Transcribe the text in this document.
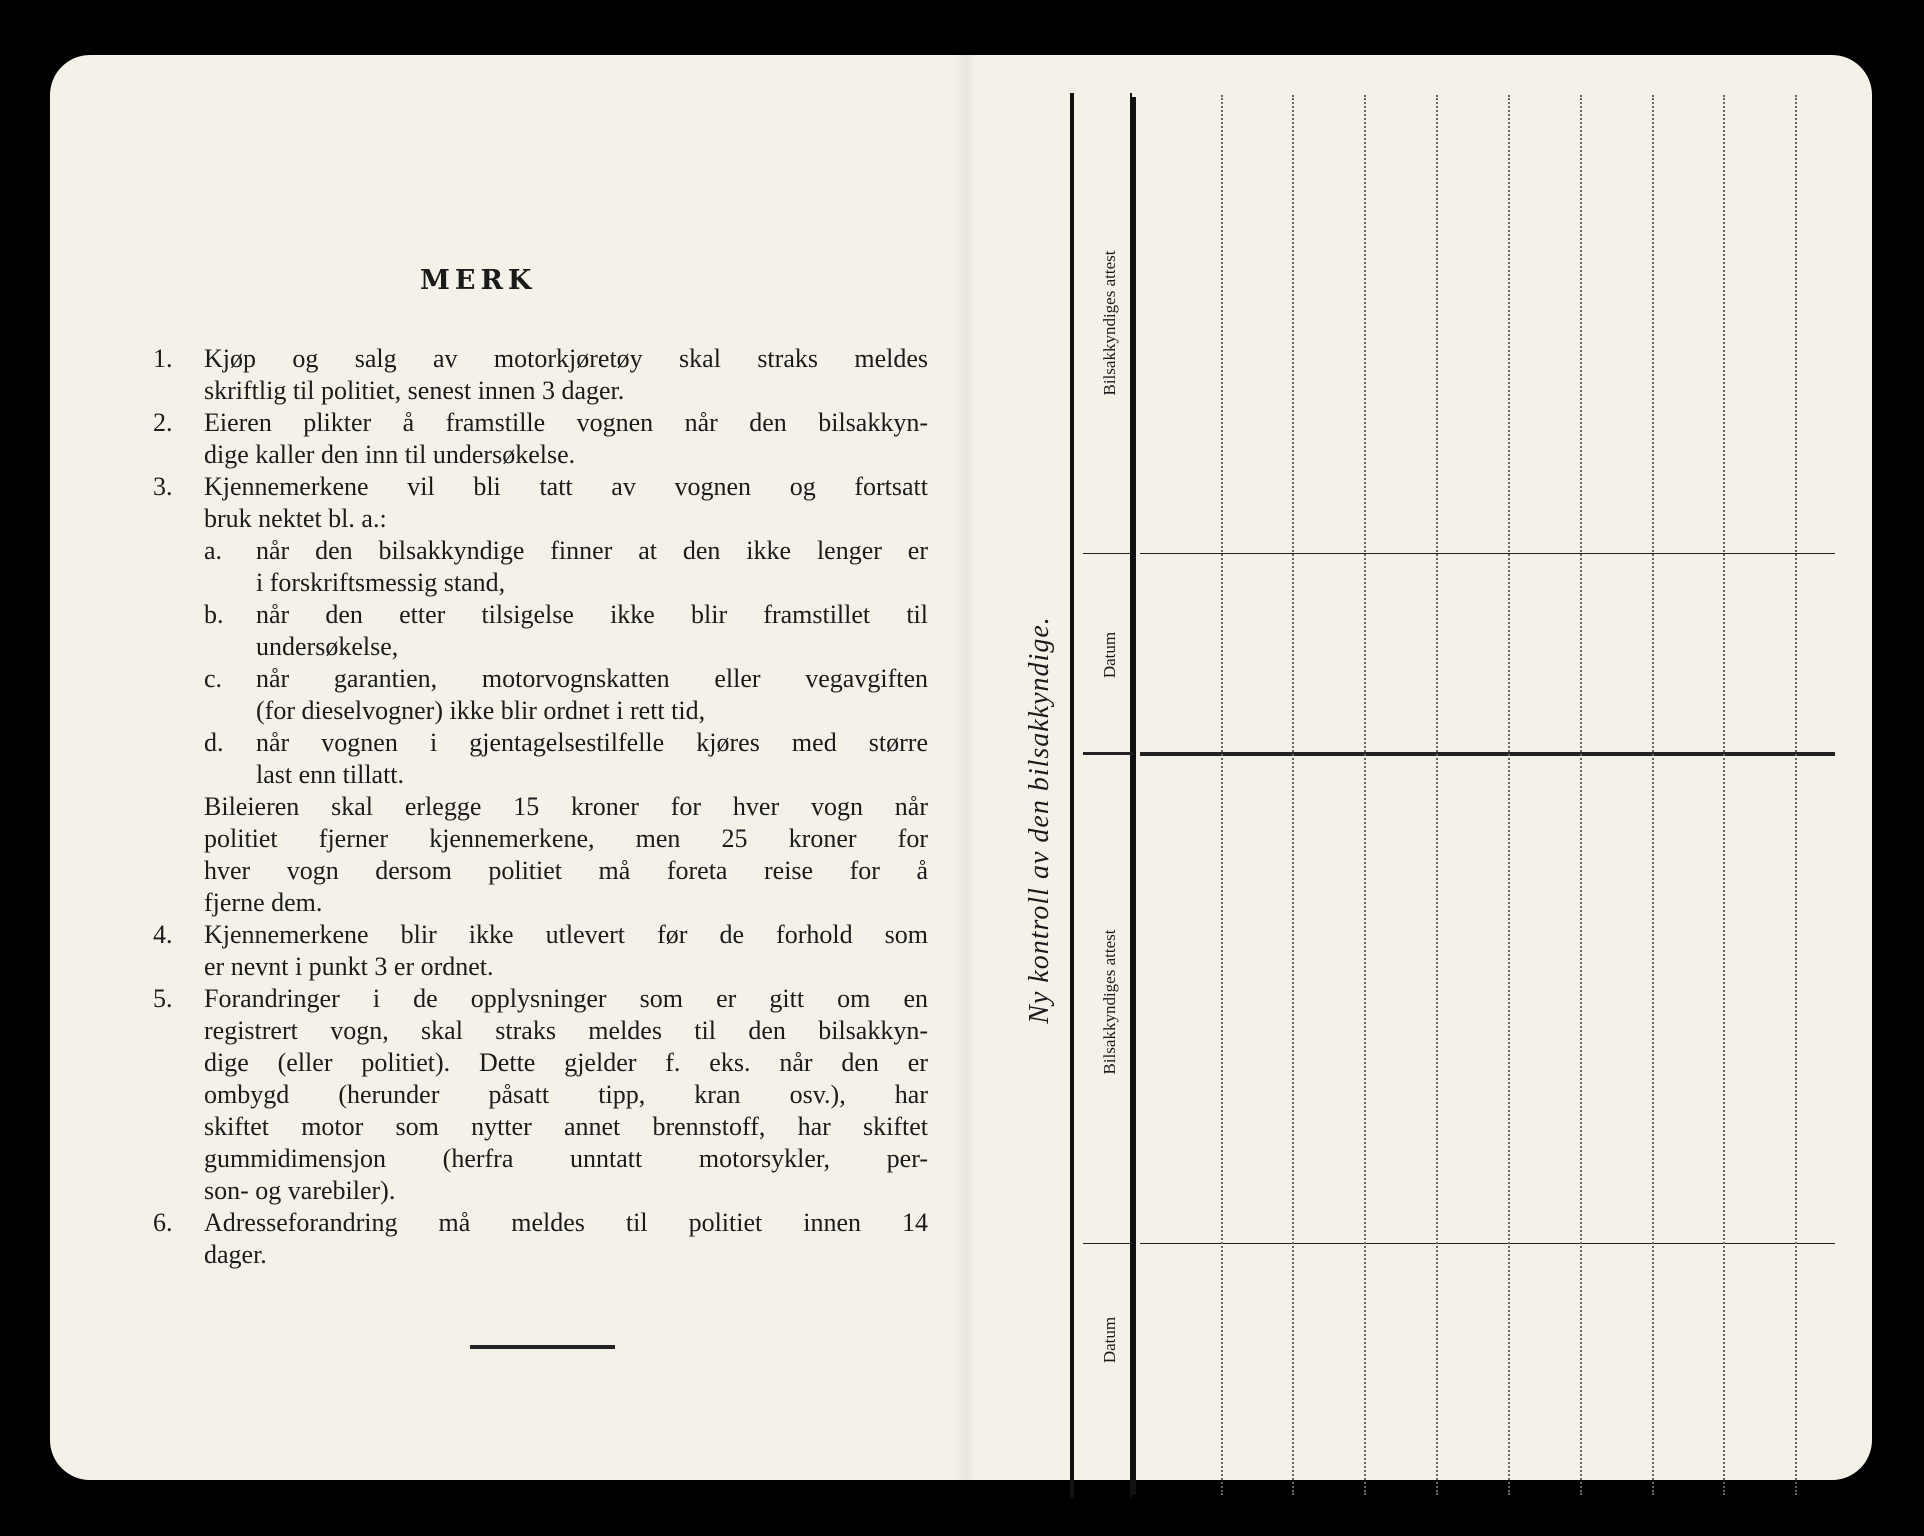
MERK
1.	Kjøp og salg av motorkjøretøy skal straks meldes
skriftlig til politiet, senest innen 3 dager.
2.	Eieren plikter å framstille vognen når den bilsakkyn-
dige kaller den inn til undersøkelse.
3.	Kjennemerkene vil bli tatt av vognen og fortsatt
bruk nektet bl. a.:
a.	når den bilsakkyndige finner at den ikke lenger er
i forskriftsmessig stand,
b.	når den etter tilsigelse ikke blir framstillet til
undersøkelse,
c.	når garantien, motorvognskatten eller vegavgiften
(for dieselvogner) ikke blir ordnet i rett tid,
d.	når vognen i gjentagelsestilfelle kjøres med større
last enn tillatt.
Bileieren skal erlegge 15 kroner for hver vogn når
politiet fjerner kjennemerkene, men 25 kroner for
hver vogn dersom politiet må foreta reise for å
fjerne dem.
4.	Kjennemerkene blir ikke utlevert før de forhold som
er nevnt i punkt 3 er ordnet.
5.	Forandringer i de opplysninger som er gitt om en
registrert vogn, skal straks meldes til den bilsakkyn-
dige (eller politiet). Dette gjelder f. eks. når den er
ombygd (herunder påsatt tipp, kran osv.), har
skiftet motor som nytter annet brennstoff, har skiftet
gummidimensjon (herfra unntatt motorsykler, per-
son- og varebiler).
6.	Adresseforandring må meldes til politiet innen 14
dager.
Ny kontroll av den bilsakkyndige.
Bilsakkyndiges attest
Datum
Bilsakkyndiges attest
Datum
